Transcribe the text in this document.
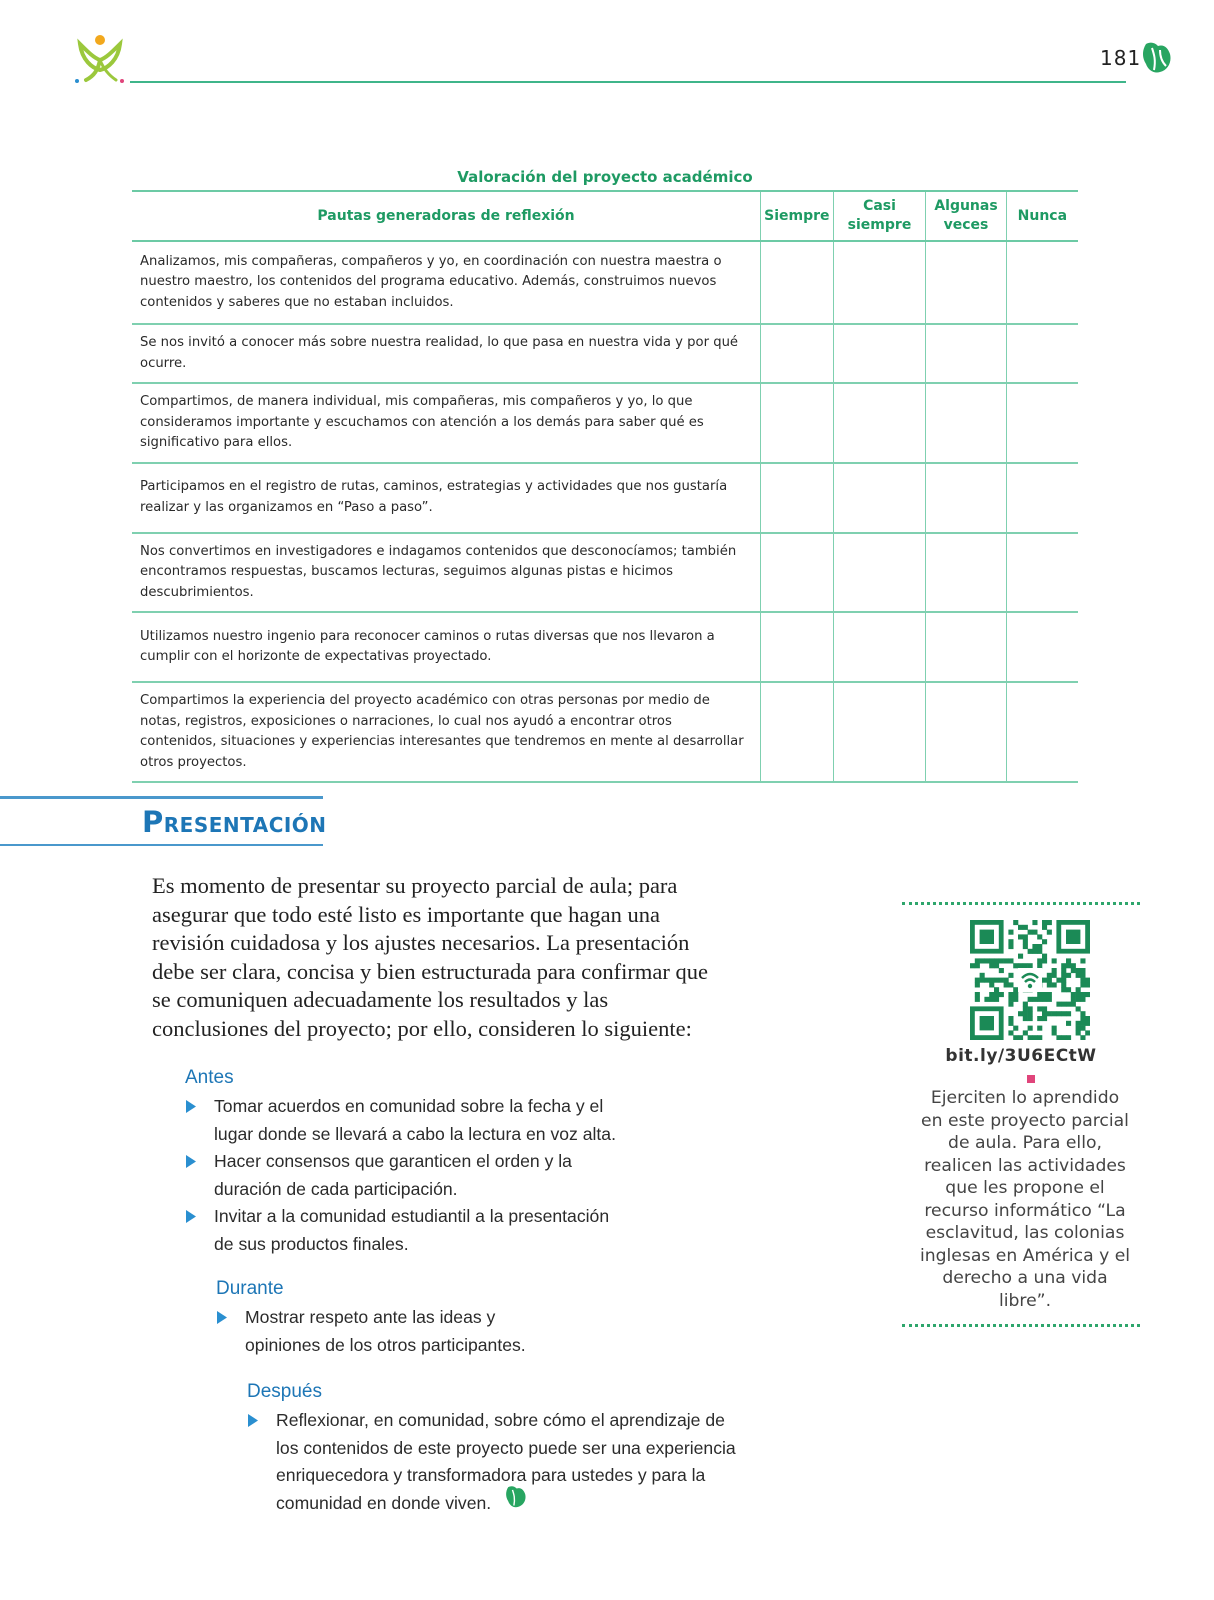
181
Valoración del proyecto académico
Pautas generadoras de reflexión	Siempre	Casi siempre	Algunas veces	Nunca
Analizamos, mis compañeras, compañeros y yo, en coordinación con nuestra maestra o nuestro maestro, los contenidos del programa educativo. Además, construimos nuevos contenidos y saberes que no estaban incluidos.				
Se nos invitó a conocer más sobre nuestra realidad, lo que pasa en nuestra vida y por qué ocurre.				
Compartimos, de manera individual, mis compañeras, mis compañeros y yo, lo que consideramos importante y escuchamos con atención a los demás para saber qué es significativo para ellos.				
Participamos en el registro de rutas, caminos, estrategias y actividades que nos gustaría realizar y las organizamos en “Paso a paso”.				
Nos convertimos en investigadores e indagamos contenidos que desconocíamos; también encontramos respuestas, buscamos lecturas, seguimos algunas pistas e hicimos descubrimientos.				
Utilizamos nuestro ingenio para reconocer caminos o rutas diversas que nos llevaron a cumplir con el horizonte de expectativas proyectado.				
Compartimos la experiencia del proyecto académico con otras personas por medio de notas, registros, exposiciones o narraciones, lo cual nos ayudó a encontrar otros contenidos, situaciones y experiencias interesantes que tendremos en mente al desarrollar otros proyectos.				
Presentación

Es momento de presentar su proyecto parcial de aula; para asegurar que todo esté listo es importante que hagan una revisión cuidadosa y los ajustes necesarios. La presentación debe ser clara, concisa y bien estructurada para confirmar que se comuniquen adecuadamente los resultados y las conclusiones del proyecto; por ello, consideren lo siguiente:

Antes
Tomar acuerdos en comunidad sobre la fecha y el lugar donde se llevará a cabo la lectura en voz alta.
Hacer consensos que garanticen el orden y la duración de cada participación.
Invitar a la comunidad estudiantil a la presentación de sus productos finales.
Durante
Mostrar respeto ante las ideas y opiniones de los otros participantes.
Después
Reflexionar, en comunidad, sobre cómo el aprendizaje de los contenidos de este proyecto puede ser una experiencia enriquecedora y transformadora para ustedes y para la comunidad en donde viven.
bit.ly/3U6ECtW

Ejerciten lo aprendido en este proyecto parcial de aula. Para ello, realicen las actividades que les propone el recurso informático “La esclavitud, las colonias inglesas en América y el derecho a una vida libre”.
